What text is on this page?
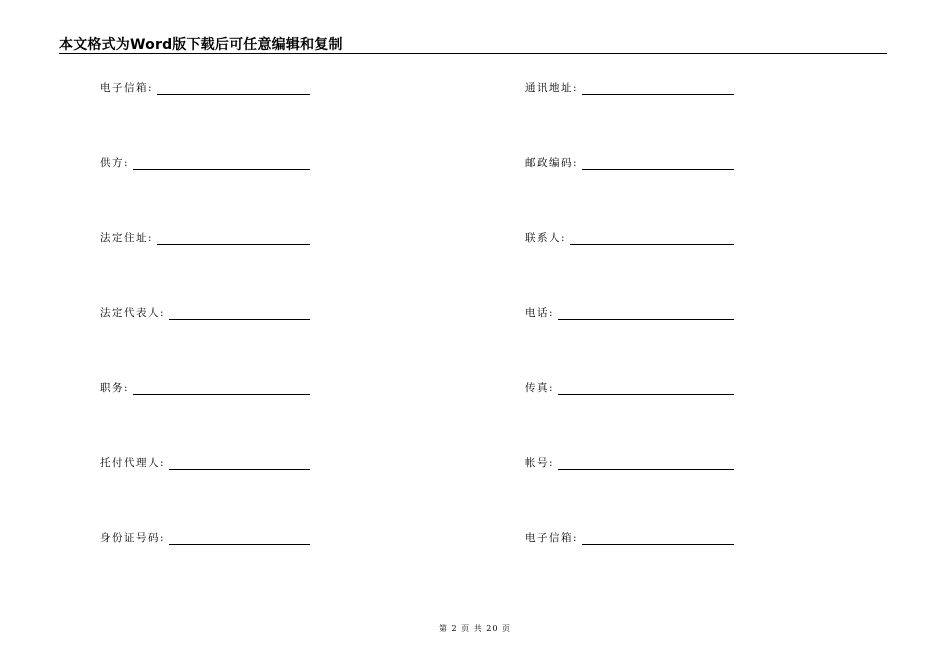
本文格式为Word版下载后可任意编辑和复制
电子信箱:
供方:
法定住址:
法定代表人:
职务:
托付代理人:
身份证号码:
通讯地址:
邮政编码:
联系人:
电话:
传真:
帐号:
电子信箱:
第 2 页 共 20 页
